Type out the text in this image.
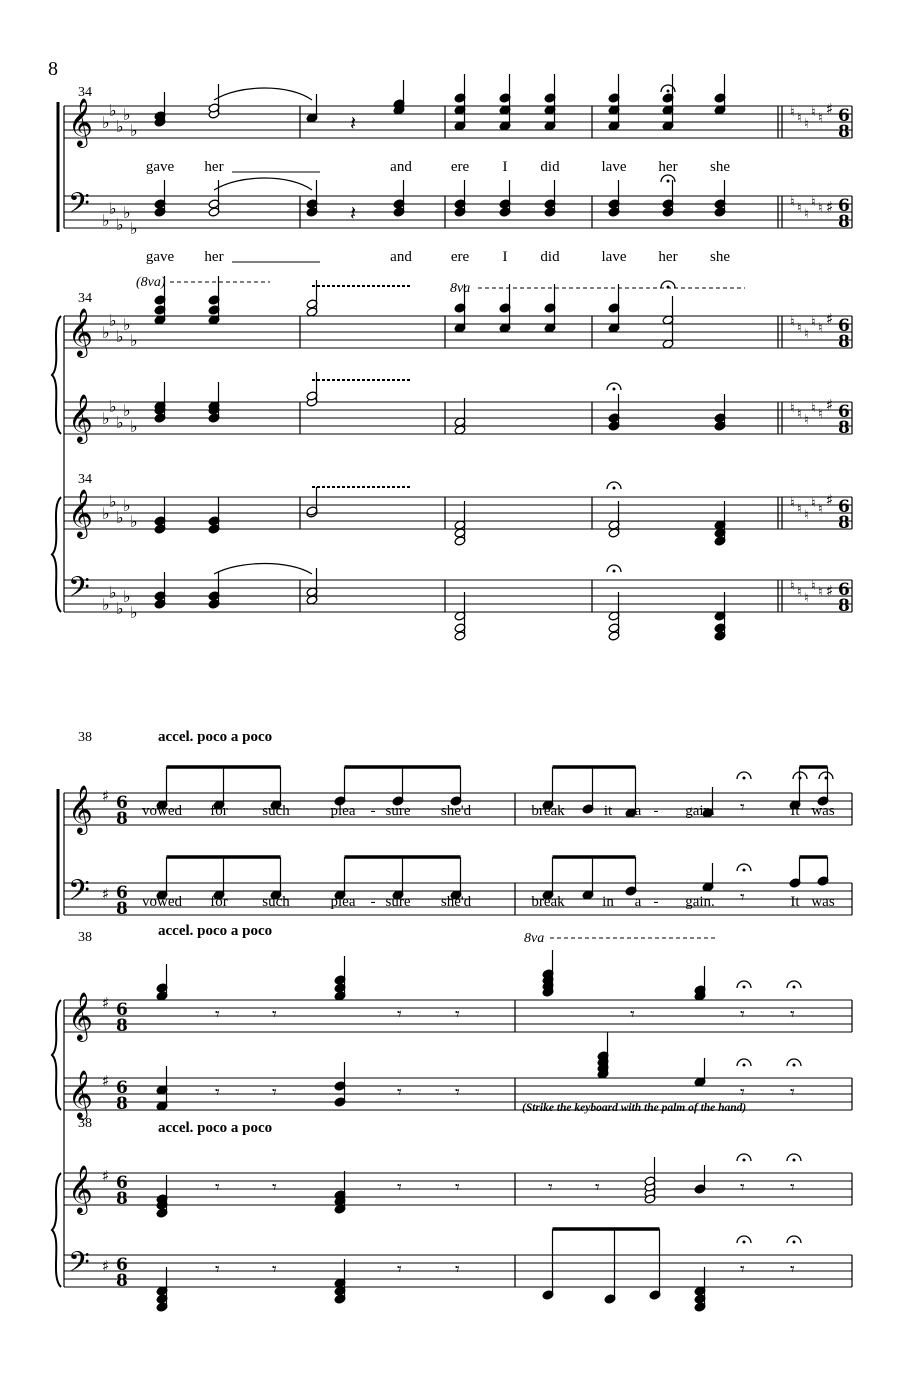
8
𝄞
𝄢
𝄞
𝄞
𝄞
𝄢
𝄞
𝄢
𝄞
𝄞
𝄞
𝄢
♭
♭
♭
♭
♭
♭
♭
♭
♭
♭
♭
♭
♭
♭
♭
♭
♭
♭
♭
♭
♭
♭
♭
♭
♭
♭
♭
♭
♭
♭
♯
♯
♯
♯
♯
♯
6
8
6
8
6
8
6
8
6
8
6
8
♮ ♮ ♮
♮ ♮
♯ 6
8
♮ ♮ ♮
♮ ♮ ♯ 6
8
♮ ♮ ♮
♮ ♮
♯ 6
8
♮ ♮ ♮
♮ ♮
♯ 6
8
♮ ♮ ♮
♮ ♮
♯ 6
8
♮ ♮ ♮
♮ ♮ ♯ 6
8
𝄽
𝄽
𝄾
𝄾
𝄾	𝄾	𝄾	𝄾	𝄾	𝄾	𝄾
𝄾	𝄾	𝄾	𝄾	𝄾	𝄾
𝄾	𝄾	𝄾	𝄾	𝄾 𝄾	𝄾	𝄾
𝄾	𝄾	𝄾	𝄾	𝄾	𝄾
gave her	and	ere I did	lave her she
gave her	and	ere I did	lave her she
vowed for such	plea - sure she'd	break	it a - gain.	It was
vowed for such	plea - sure she'd	break	in a - gain.	It was
34
34
34
38
38
38
accel. poco a poco
accel. poco a poco
accel. poco a poco
(Strike the keyboard with the palm of the hand)
(8va)	8va
8va
